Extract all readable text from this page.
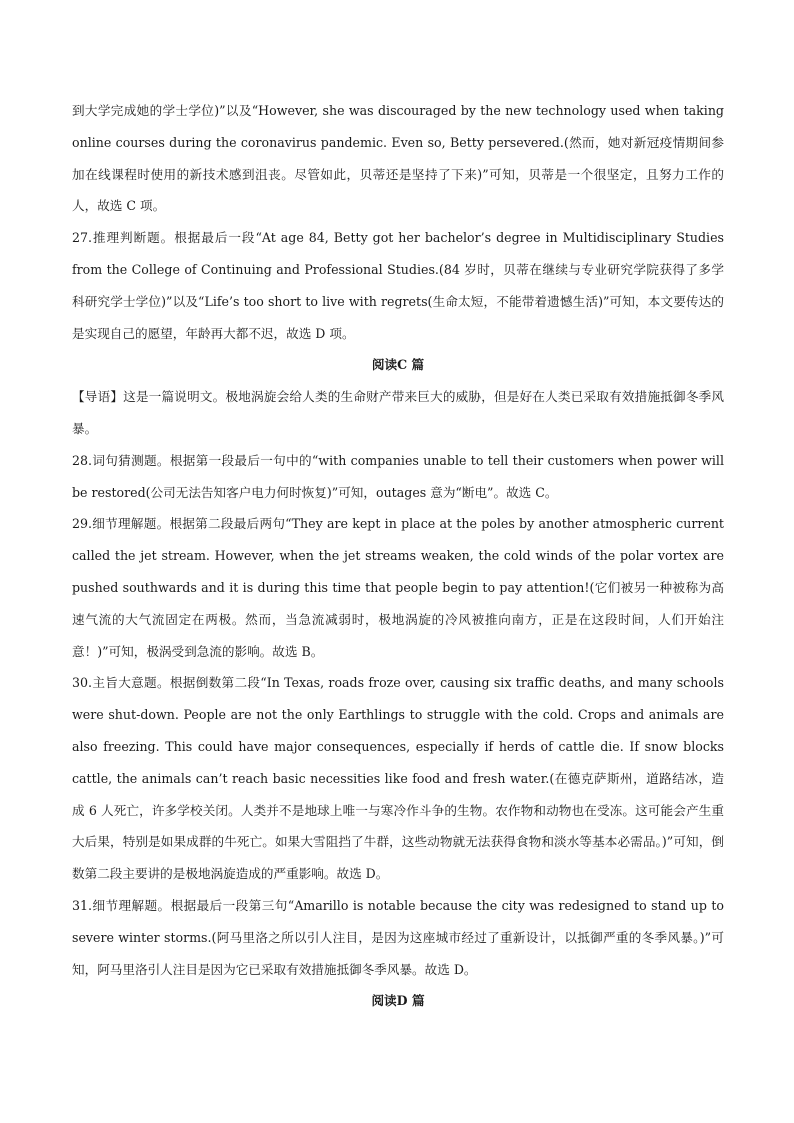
到大学完成她的学士学位)”以及“However, she was discouraged by the new technology used when taking online courses during the coronavirus pandemic. Even so, Betty persevered.(然而，她对新冠疫情期间参加在线课程时使用的新技术感到沮丧。尽管如此，贝蒂还是坚持了下来)”可知，贝蒂是一个很坚定，且努力工作的人，故选 C 项。

27.推理判断题。根据最后一段“At age 84, Betty got her bachelor’s degree in Multidisciplinary Studies from the College of Continuing and Professional Studies.(84 岁时，贝蒂在继续与专业研究学院获得了多学科研究学士学位)”以及“Life’s too short to live with regrets(生命太短，不能带着遗憾生活)”可知，本文要传达的是实现自己的愿望，年龄再大都不迟，故选 D 项。

阅读C 篇

【导语】这是一篇说明文。极地涡旋会给人类的生命财产带来巨大的威胁，但是好在人类已采取有效措施抵御冬季风暴。

28.词句猜测题。根据第一段最后一句中的“with companies unable to tell their customers when power will be restored(公司无法告知客户电力何时恢复)”可知，outages 意为“断电”。故选 C。

29.细节理解题。根据第二段最后两句“They are kept in place at the poles by another atmospheric current called the jet stream. However, when the jet streams weaken, the cold winds of the polar vortex are pushed southwards and it is during this time that people begin to pay attention!(它们被另一种被称为高速气流的大气流固定在两极。然而，当急流减弱时，极地涡旋的冷风被推向南方，正是在这段时间，人们开始注意！)”可知，极涡受到急流的影响。故选 B。

30.主旨大意题。根据倒数第二段“In Texas, roads froze over, causing six traffic deaths, and many schools were shut-down. People are not the only Earthlings to struggle with the cold. Crops and animals are also freezing. This could have major consequences, especially if herds of cattle die. If snow blocks cattle, the animals can’t reach basic necessities like food and fresh water.(在德克萨斯州，道路结冰，造成 6 人死亡，许多学校关闭。人类并不是地球上唯一与寒冷作斗争的生物。农作物和动物也在受冻。这可能会产生重大后果，特别是如果成群的牛死亡。如果大雪阻挡了牛群，这些动物就无法获得食物和淡水等基本必需品。)”可知，倒数第二段主要讲的是极地涡旋造成的严重影响。故选 D。

31.细节理解题。根据最后一段第三句“Amarillo is notable because the city was redesigned to stand up to severe winter storms.(阿马里洛之所以引人注目，是因为这座城市经过了重新设计，以抵御严重的冬季风暴。)”可知，阿马里洛引人注目是因为它已采取有效措施抵御冬季风暴。故选 D。

阅读D 篇
